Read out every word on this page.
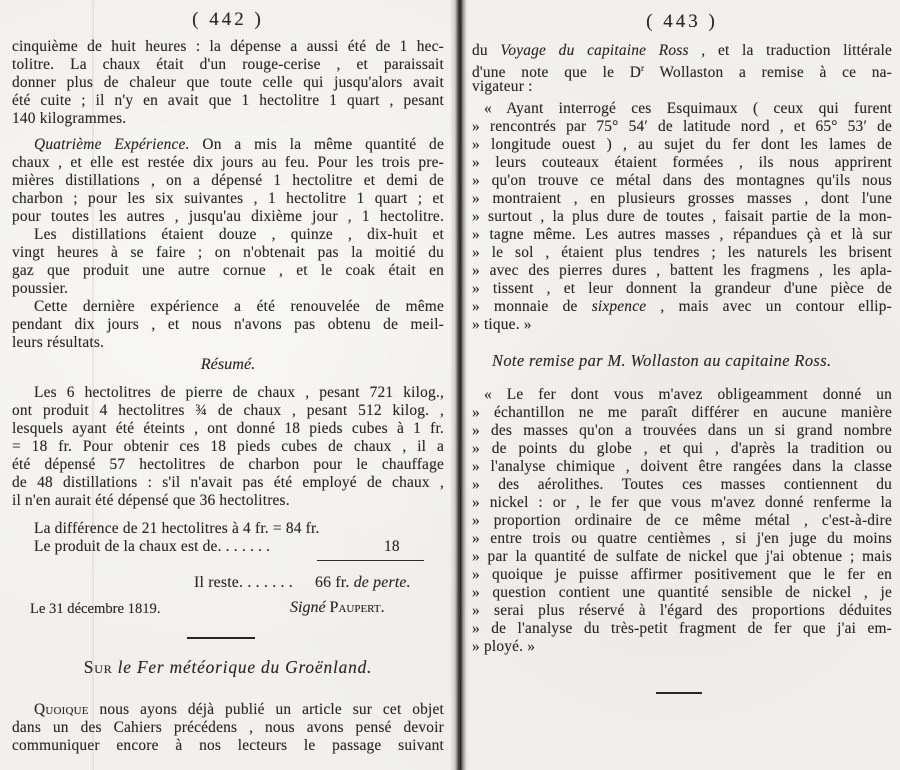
( 442 )
cinquième de huit heures : la dépense a aussi été de 1 hec-
tolitre. La chaux était d'un rouge-cerise , et paraissait
donner plus de chaleur que toute celle qui jusqu'alors avait
été cuite ; il n'y en avait que 1 hectolitre 1 quart , pesant
140 kilogrammes.
Quatrième Expérience. On a mis la même quantité de
chaux , et elle est restée dix jours au feu. Pour les trois pre-
mières distillations , on a dépensé 1 hectolitre et demi de
charbon ; pour les six suivantes , 1 hectolitre 1 quart ; et
pour toutes les autres , jusqu'au dixième jour , 1 hectolitre.
Les distillations étaient douze , quinze , dix-huit et
vingt heures à se faire ; on n'obtenait pas la moitié du
gaz que produit une autre cornue , et le coak était en
poussier.
Cette dernière expérience a été renouvelée de même
pendant dix jours , et nous n'avons pas obtenu de meil-
leurs résultats.
Résumé.
Les 6 hectolitres de pierre de chaux , pesant 721 kilog.,
ont produit 4 hectolitres ¾ de chaux , pesant 512 kilog. ,
lesquels ayant été éteints , ont donné 18 pieds cubes à 1 fr.
= 18 fr. Pour obtenir ces 18 pieds cubes de chaux , il a
été dépensé 57 hectolitres de charbon pour le chauffage
de 48 distillations : s'il n'avait pas été employé de chaux ,
il n'en aurait été dépensé que 36 hectolitres.
La différence de 21 hectolitres à 4 fr. = 84 fr.
Le produit de la chaux est de. . . . . . .	18
Il reste. . . . . . . 66 fr. de perte.
Le 31 décembre 1819.	Signé Paupert.
Sur le Fer météorique du Groënland.
Quoique nous ayons déjà publié un article sur cet objet
dans un des Cahiers précédens , nous avons pensé devoir
communiquer encore à nos lecteurs le passage suivant
( 443 )
du Voyage du capitaine Ross , et la traduction littérale
d'une note que le $D^r$ Wollaston a remise à ce na-
vigateur :
« Ayant interrogé ces Esquimaux ( ceux qui furent
» rencontrés par 75° 54′ de latitude nord , et 65° 53′ de
» longitude ouest ) , au sujet du fer dont les lames de
» leurs couteaux étaient formées , ils nous apprirent
» qu'on trouve ce métal dans des montagnes qu'ils nous
» montraient , en plusieurs grosses masses , dont l'une
» surtout , la plus dure de toutes , faisait partie de la mon-
» tagne même. Les autres masses , répandues çà et là sur
» le sol , étaient plus tendres ; les naturels les brisent
» avec des pierres dures , battent les fragmens , les apla-
» tissent , et leur donnent la grandeur d'une pièce de
» monnaie de sixpence , mais avec un contour ellip-
» tique. »
Note remise par M. Wollaston au capitaine Ross.
« Le fer dont vous m'avez obligeamment donné un
» échantillon ne me paraît différer en aucune manière
» des masses qu'on a trouvées dans un si grand nombre
» de points du globe , et qui , d'après la tradition ou
» l'analyse chimique , doivent être rangées dans la classe
» des aérolithes. Toutes ces masses contiennent du
» nickel : or , le fer que vous m'avez donné renferme la
» proportion ordinaire de ce même métal , c'est-à-dire
» entre trois ou quatre centièmes , si j'en juge du moins
» par la quantité de sulfate de nickel que j'ai obtenue ; mais
» quoique je puisse affirmer positivement que le fer en
» question contient une quantité sensible de nickel , je
» serai plus réservé à l'égard des proportions déduites
» de l'analyse du très-petit fragment de fer que j'ai em-
» ployé. »
